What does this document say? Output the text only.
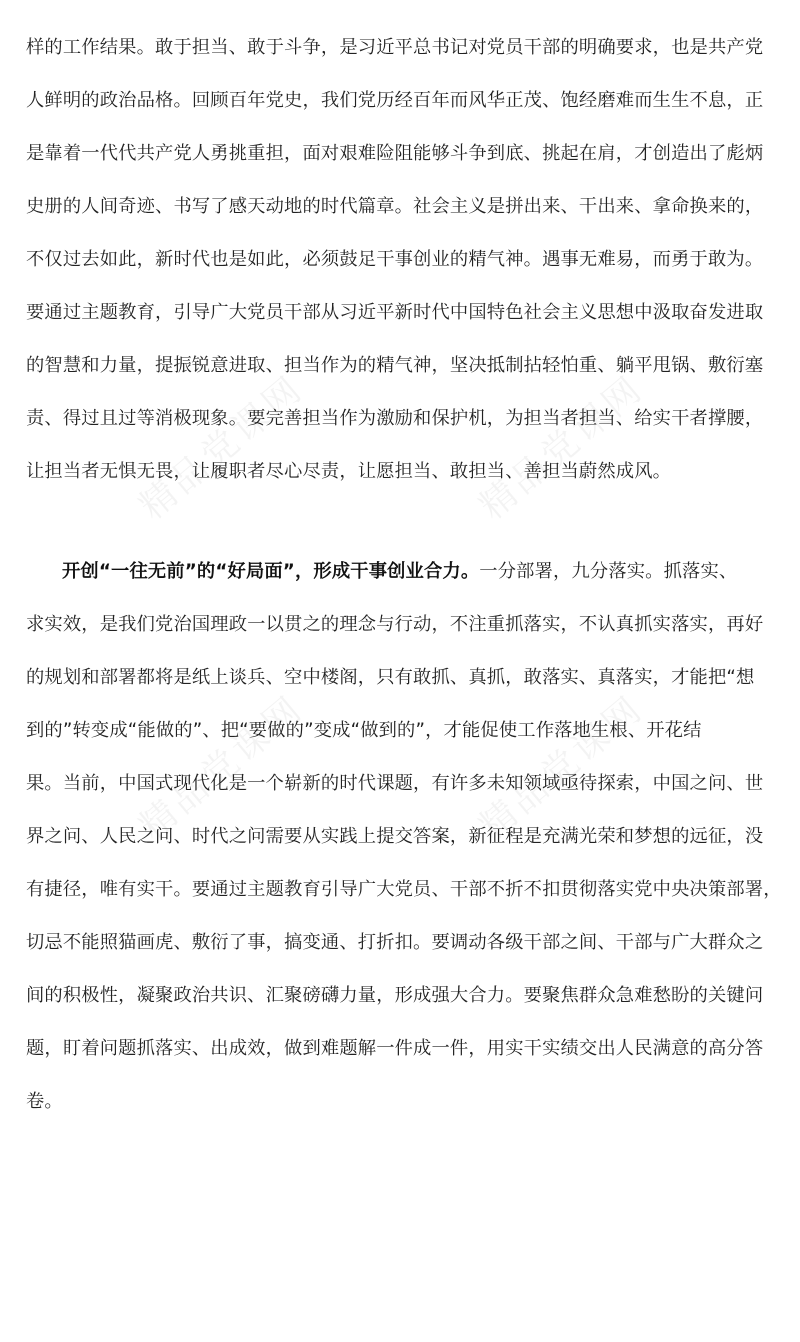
样的工作结果。敢于担当、敢于斗争，是习近平总书记对党员干部的明确要求，也是共产党
人鲜明的政治品格。回顾百年党史，我们党历经百年而风华正茂、饱经磨难而生生不息，正
是靠着一代代共产党人勇挑重担，面对艰难险阻能够斗争到底、挑起在肩，才创造出了彪炳
史册的人间奇迹、书写了感天动地的时代篇章。社会主义是拼出来、干出来、拿命换来的，
不仅过去如此，新时代也是如此，必须鼓足干事创业的精气神。遇事无难易，而勇于敢为。
要通过主题教育，引导广大党员干部从习近平新时代中国特色社会主义思想中汲取奋发进取
的智慧和力量，提振锐意进取、担当作为的精气神，坚决抵制拈轻怕重、躺平甩锅、敷衍塞
责、得过且过等消极现象。要完善担当作为激励和保护机，为担当者担当、给实干者撑腰，
让担当者无惧无畏，让履职者尽心尽责，让愿担当、敢担当、善担当蔚然成风。
开创“一往无前”的“好局面”，形成干事创业合力。一分部署，九分落实。抓落实、
求实效，是我们党治国理政一以贯之的理念与行动，不注重抓落实，不认真抓实落实，再好
的规划和部署都将是纸上谈兵、空中楼阁，只有敢抓、真抓，敢落实、真落实，才能把“想
到的”转变成“能做的”、把“要做的”变成“做到的”，才能促使工作落地生根、开花结
果。当前，中国式现代化是一个崭新的时代课题，有许多未知领域亟待探索，中国之问、世
界之问、人民之问、时代之问需要从实践上提交答案，新征程是充满光荣和梦想的远征，没
有捷径，唯有实干。要通过主题教育引导广大党员、干部不折不扣贯彻落实党中央决策部署，
切忌不能照猫画虎、敷衍了事，搞变通、打折扣。要调动各级干部之间、干部与广大群众之
间的积极性，凝聚政治共识、汇聚磅礴力量，形成强大合力。要聚焦群众急难愁盼的关键问
题，盯着问题抓落实、出成效，做到难题解一件成一件，用实干实绩交出人民满意的高分答
卷。
